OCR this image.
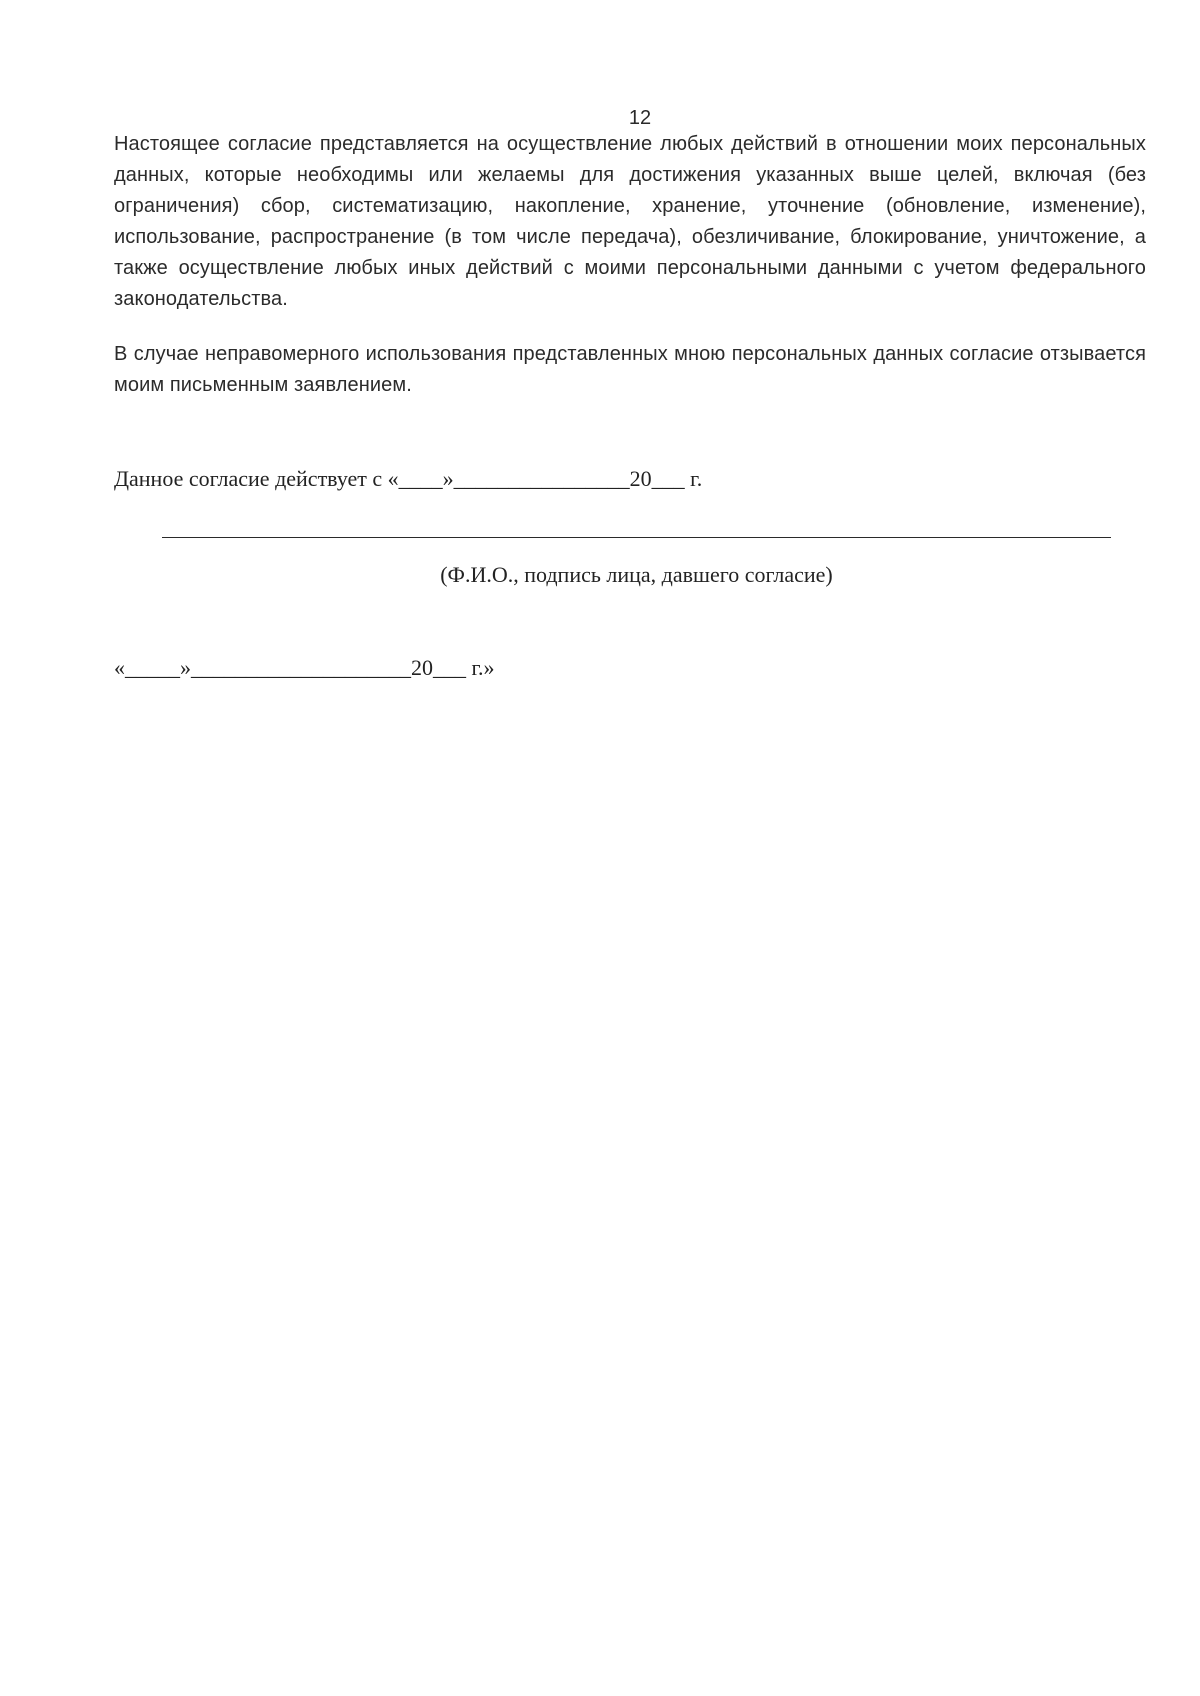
12

Настоящее согласие представляется на осуществление любых действий в отношении моих персональных данных, которые необходимы или желаемы для достижения указанных выше целей, включая (без ограничения) сбор, систематизацию, накопление, хранение, уточнение (обновление, изменение), использование, распространение (в том числе передача), обезличивание, блокирование, уничтожение, а также осуществление любых иных действий с моими персональными данными с учетом федерального законодательства.

В случае неправомерного использования представленных мною персональных данных согласие отзывается моим письменным заявлением.

Данное согласие действует с «____»________________20___ г.
(Ф.И.О., подпись лица, давшего согласие)
«_____»____________________20___ г.»
